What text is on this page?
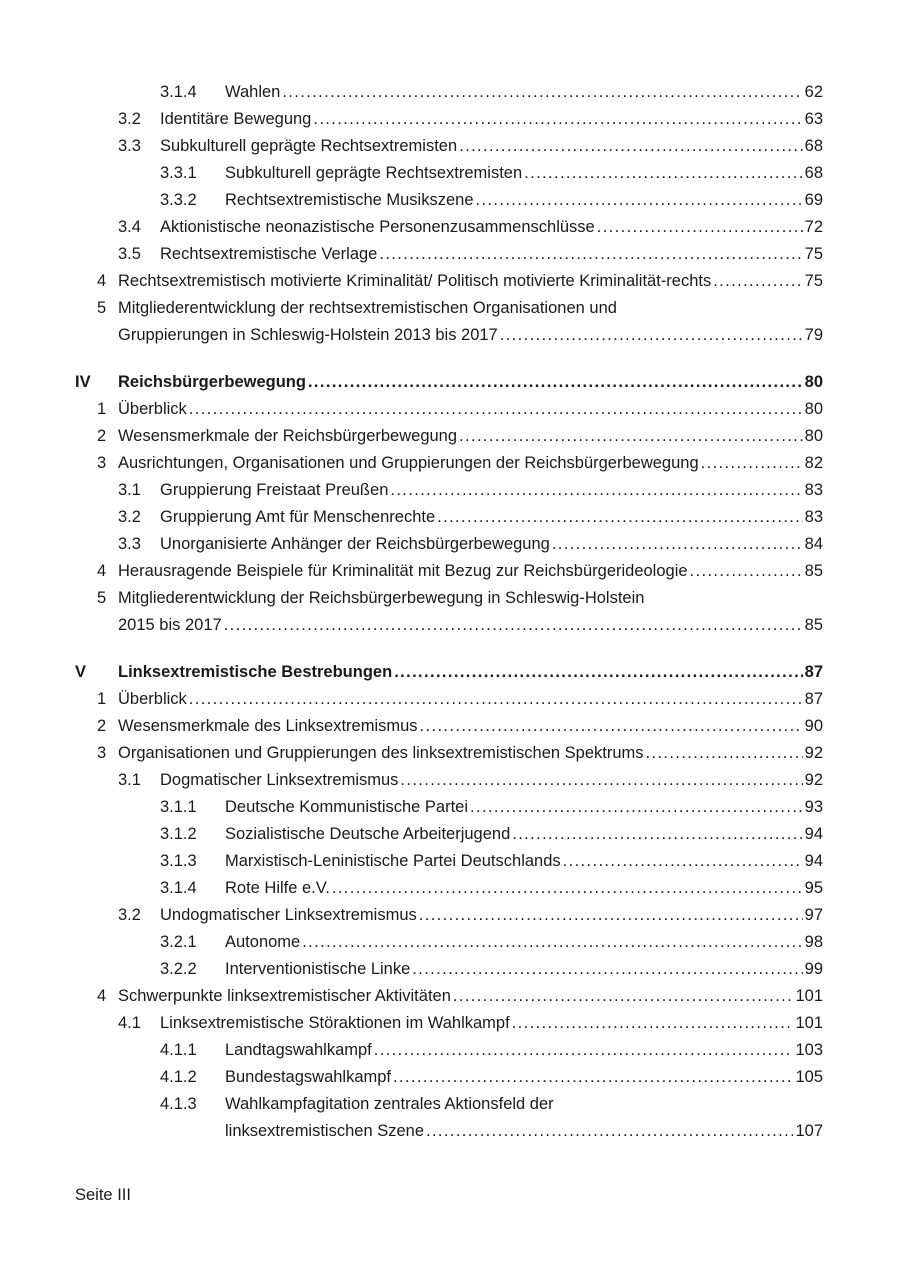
3.1.4 Wahlen . . .	62
3.2 Identitäre Bewegung . . .	63
3.3 Subkulturell geprägte Rechtsextremisten . . .	68
3.3.1 Subkulturell geprägte Rechtsextremisten . . .	68
3.3.2 Rechtsextremistische Musikszene . . .	69
3.4 Aktionistische neonazistische Personenzusammenschlüsse . . .	72
3.5 Rechtsextremistische Verlage . . .	75
4 Rechtsextremistisch motivierte Kriminalität/ Politisch motivierte Kriminalität-rechts . . .	75
5 Mitgliederentwicklung der rechtsextremistischen Organisationen und
Gruppierungen in Schleswig-Holstein 2013 bis 2017 . . .	79
IV Reichsbürgerbewegung . . .	80
1 Überblick . . .	80
2 Wesensmerkmale der Reichsbürgerbewegung . . .	80
3 Ausrichtungen, Organisationen und Gruppierungen der Reichsbürgerbewegung . . .	82
3.1 Gruppierung Freistaat Preußen . . .	83
3.2 Gruppierung Amt für Menschenrechte . . .	83
3.3 Unorganisierte Anhänger der Reichsbürgerbewegung . . .	84
4 Herausragende Beispiele für Kriminalität mit Bezug zur Reichsbürgerideologie . . .	85
5 Mitgliederentwicklung der Reichsbürgerbewegung in Schleswig-Holstein
2015 bis 2017 . . .	85
V Linksextremistische Bestrebungen . . .	87
1 Überblick . . .	87
2 Wesensmerkmale des Linksextremismus . . .	90
3 Organisationen und Gruppierungen des linksextremistischen Spektrums . . .	92
3.1 Dogmatischer Linksextremismus . . .	92
3.1.1 Deutsche Kommunistische Partei . . .	93
3.1.2 Sozialistische Deutsche Arbeiterjugend . . .	94
3.1.3 Marxistisch-Leninistische Partei Deutschlands . . .	94
3.1.4 Rote Hilfe e.V. . . .	95
3.2 Undogmatischer Linksextremismus . . .	97
3.2.1 Autonome . . .	98
3.2.2 Interventionistische Linke . . .	99
4 Schwerpunkte linksextremistischer Aktivitäten . . .	101
4.1 Linksextremistische Störaktionen im Wahlkampf . . .	101
4.1.1 Landtagswahlkampf . . .	103
4.1.2 Bundestagswahlkampf . . .	105
4.1.3 Wahlkampfagitation zentrales Aktionsfeld der
linksextremistischen Szene . . .	107
Seite III
